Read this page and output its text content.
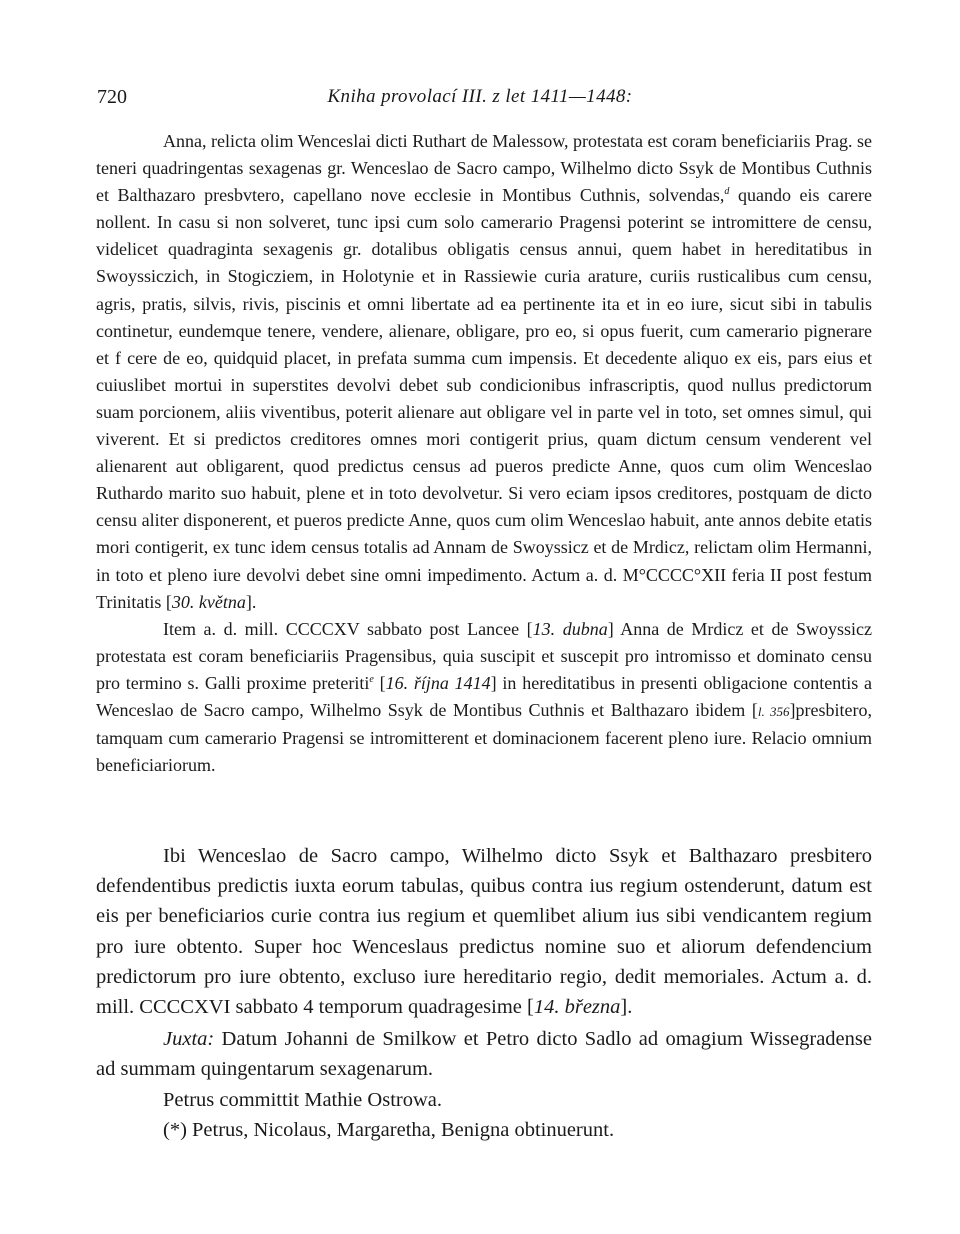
720	Kniha provolací III. z let 1411—1448:

Anna, relicta olim Wenceslai dicti Ruthart de Malessow, protestata est coram beneficiariis Prag. se teneri quadringentas sexagenas gr. Wenceslao de Sacro campo, Wilhelmo dicto Ssyk de Montibus Cuthnis et Balthazaro presbvtero, capellano nove ecclesie in Montibus Cuthnis, solvendas,$^d$ quando eis carere nollent. In casu si non solveret, tunc ipsi cum solo camerario Pragensi poterint se intromittere de censu, videlicet quadraginta sexagenis gr. dotalibus obligatis census annui, quem habet in hereditatibus in Swoyssiczich, in Stogicziem, in Holotynie et in Rassiewie curia arature, curiis rusticalibus cum censu, agris, pratis, silvis, rivis, piscinis et omni libertate ad ea pertinente ita et in eo iure, sicut sibi in tabulis continetur, eundemque tenere, vendere, alienare, obligare, pro eo, si opus fuerit, cum camerario pignerare et f cere de eo, quidquid placet, in prefata summa cum impensis. Et decedente aliquo ex eis, pars eius et cuiuslibet mortui in superstites devolvi debet sub condicionibus infrascriptis, quod nullus predictorum suam porcionem, aliis viventibus, poterit alienare aut obligare vel in parte vel in toto, set omnes simul, qui viverent. Et si predictos creditores omnes mori contigerit prius, quam dictum censum venderent vel alienarent aut obligarent, quod predictus census ad pueros predicte Anne, quos cum olim Wenceslao Ruthardo marito suo habuit, plene et in toto devolvetur. Si vero eciam ipsos creditores, postquam de dicto censu aliter disponerent, et pueros predicte Anne, quos cum olim Wenceslao habuit, ante annos debite etatis mori contigerit, ex tunc idem census totalis ad Annam de Swoyssicz et de Mrdicz, relictam olim Hermanni, in toto et pleno iure devolvi debet sine omni impedimento. Actum a. d. M°CCCC°XII feria II post festum Trinitatis [30. května].

Item a. d. mill. CCCCXV sabbato post Lancee [13. dubna] Anna de Mrdicz et de Swoyssicz protestata est coram beneficiariis Pragensibus, quia suscipit et suscepit pro intromisso et dominato censu pro termino s. Galli proxime preteriti$^e$ [16. října 1414] in hereditatibus in presenti obligacione contentis a Wenceslao de Sacro campo, Wilhelmo Ssyk de Montibus Cuthnis et Balthazaro ibidem [l. 356]presbitero, tamquam cum camerario Pragensi se intromitterent et dominacionem facerent pleno iure. Relacio omnium beneficiariorum.

Ibi Wenceslao de Sacro campo, Wilhelmo dicto Ssyk et Balthazaro presbitero defendentibus predictis iuxta eorum tabulas, quibus contra ius regium ostenderunt, datum est eis per beneficiarios curie contra ius regium et quemlibet alium ius sibi vendicantem regium pro iure obtento. Super hoc Wenceslaus predictus nomine suo et aliorum defendencium predictorum pro iure obtento, excluso iure hereditario regio, dedit memoriales. Actum a. d. mill. CCCCXVI sabbato 4 temporum quadragesime [14. března].

Juxta: Datum Johanni de Smilkow et Petro dicto Sadlo ad omagium Wissegradense ad summam quingentarum sexagenarum.

Petrus committit Mathie Ostrowa.

(*) Petrus, Nicolaus, Margaretha, Benigna obtinuerunt.
